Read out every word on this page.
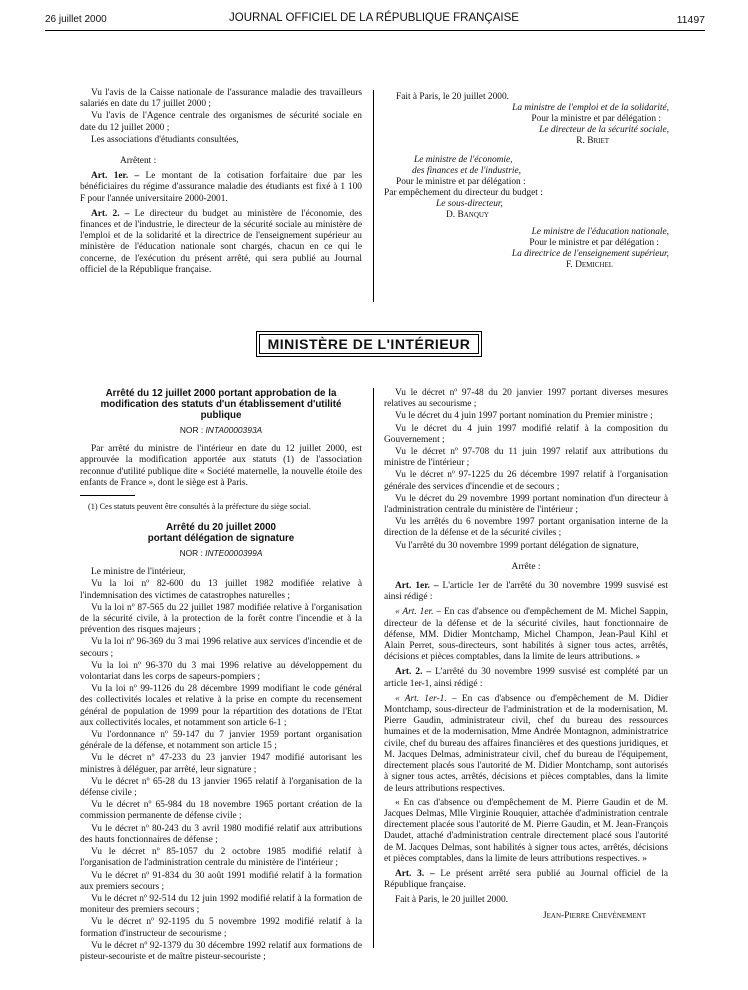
26 juillet 2000	JOURNAL OFFICIEL DE LA RÉPUBLIQUE FRANÇAISE	11497

Vu l'avis de la Caisse nationale de l'assurance maladie des travailleurs salariés en date du 17 juillet 2000 ;

Vu l'avis de l'Agence centrale des organismes de sécurité sociale en date du 12 juillet 2000 ;

Les associations d'étudiants consultées,

Arrêtent :

Art. 1er. – Le montant de la cotisation forfaitaire due par les bénéficiaires du régime d'assurance maladie des étudiants est fixé à 1 100 F pour l'année universitaire 2000-2001.

Art. 2. – Le directeur du budget au ministère de l'économie, des finances et de l'industrie, le directeur de la sécurité sociale au ministère de l'emploi et de la solidarité et la directrice de l'enseignement supérieur au ministère de l'éducation nationale sont chargés, chacun en ce qui le concerne, de l'exécution du présent arrêté, qui sera publié au Journal officiel de la République française.

Fait à Paris, le 20 juillet 2000.
La ministre de l'emploi et de la solidarité,
Pour la ministre et par délégation :
Le directeur de la sécurité sociale,
R. Briet
Le ministre de l'économie,
des finances et de l'industrie,
Pour le ministre et par délégation :
Par empêchement du directeur du budget :
Le sous-directeur,
D. Banquy
Le ministre de l'éducation nationale,
Pour le ministre et par délégation :
La directrice de l'enseignement supérieur,
F. Demichel
MINISTÈRE DE L'INTÉRIEUR
Arrêté du 12 juillet 2000 portant approbation de la modification des statuts d'un établissement d'utilité publique
NOR : INTA0000393A

Par arrêté du ministre de l'intérieur en date du 12 juillet 2000, est approuvée la modification apportée aux statuts (1) de l'association reconnue d'utilité publique dite « Société maternelle, la nouvelle étoile des enfants de France », dont le siège est à Paris.

(1) Ces statuts peuvent être consultés à la préfecture du siège social.
Arrêté du 20 juillet 2000
portant délégation de signature
NOR : INTE0000399A

Le ministre de l'intérieur,

Vu la loi nº 82-600 du 13 juillet 1982 modifiée relative à l'indemnisation des victimes de catastrophes naturelles ;

Vu la loi nº 87-565 du 22 juillet 1987 modifiée relative à l'organisation de la sécurité civile, à la protection de la forêt contre l'incendie et à la prévention des risques majeurs ;

Vu la loi nº 96-369 du 3 mai 1996 relative aux services d'incendie et de secours ;

Vu la loi nº 96-370 du 3 mai 1996 relative au développement du volontariat dans les corps de sapeurs-pompiers ;

Vu la loi nº 99-1126 du 28 décembre 1999 modifiant le code général des collectivités locales et relative à la prise en compte du recensement général de population de 1999 pour la répartition des dotations de l'Etat aux collectivités locales, et notamment son article 6-1 ;

Vu l'ordonnance nº 59-147 du 7 janvier 1959 portant organisation générale de la défense, et notamment son article 15 ;

Vu le décret nº 47-233 du 23 janvier 1947 modifié autorisant les ministres à déléguer, par arrêté, leur signature ;

Vu le décret nº 65-28 du 13 janvier 1965 relatif à l'organisation de la défense civile ;

Vu le décret nº 65-984 du 18 novembre 1965 portant création de la commission permanente de défense civile ;

Vu le décret nº 80-243 du 3 avril 1980 modifié relatif aux attributions des hauts fonctionnaires de défense ;

Vu le décret nº 85-1057 du 2 octobre 1985 modifié relatif à l'organisation de l'administration centrale du ministère de l'intérieur ;

Vu le décret nº 91-834 du 30 août 1991 modifié relatif à la formation aux premiers secours ;

Vu le décret nº 92-514 du 12 juin 1992 modifié relatif à la formation de moniteur des premiers secours ;

Vu le décret nº 92-1195 du 5 novembre 1992 modifié relatif à la formation d'instructeur de secourisme ;

Vu le décret nº 92-1379 du 30 décembre 1992 relatif aux formations de pisteur-secouriste et de maître pisteur-secouriste ;

Vu le décret nº 97-48 du 20 janvier 1997 portant diverses mesures relatives au secourisme ;

Vu le décret du 4 juin 1997 portant nomination du Premier ministre ;

Vu le décret du 4 juin 1997 modifié relatif à la composition du Gouvernement ;

Vu le décret nº 97-708 du 11 juin 1997 relatif aux attributions du ministre de l'intérieur ;

Vu le décret nº 97-1225 du 26 décembre 1997 relatif à l'organisation générale des services d'incendie et de secours ;

Vu le décret du 29 novembre 1999 portant nomination d'un directeur à l'administration centrale du ministère de l'intérieur ;

Vu les arrêtés du 6 novembre 1997 portant organisation interne de la direction de la défense et de la sécurité civiles ;

Vu l'arrêté du 30 novembre 1999 portant délégation de signature,

Arrête :

Art. 1er. – L'article 1er de l'arrêté du 30 novembre 1999 susvisé est ainsi rédigé :

« Art. 1er. – En cas d'absence ou d'empêchement de M. Michel Sappin, directeur de la défense et de la sécurité civiles, haut fonctionnaire de défense, MM. Didier Montchamp, Michel Champon, Jean-Paul Kihl et Alain Perret, sous-directeurs, sont habilités à signer tous actes, arrêtés, décisions et pièces comptables, dans la limite de leurs attributions. »

Art. 2. – L'arrêté du 30 novembre 1999 susvisé est complété par un article 1er-1, ainsi rédigé :

« Art. 1er-1. – En cas d'absence ou d'empêchement de M. Didier Montchamp, sous-directeur de l'administration et de la modernisation, M. Pierre Gaudin, administrateur civil, chef du bureau des ressources humaines et de la modernisation, Mme Andrée Montagnon, administratrice civile, chef du bureau des affaires financières et des questions juridiques, et M. Jacques Delmas, administrateur civil, chef du bureau de l'équipement, directement placés sous l'autorité de M. Didier Montchamp, sont autorisés à signer tous actes, arrêtés, décisions et pièces comptables, dans la limite de leurs attributions respectives.

« En cas d'absence ou d'empêchement de M. Pierre Gaudin et de M. Jacques Delmas, Mlle Virginie Rouquier, attachée d'administration centrale directement placée sous l'autorité de M. Pierre Gaudin, et M. Jean-François Daudet, attaché d'administration centrale directement placé sous l'autorité de M. Jacques Delmas, sont habilités à signer tous actes, arrêtés, décisions et pièces comptables, dans la limite de leurs attributions respectives. »

Art. 3. – Le présent arrêté sera publié au Journal officiel de la République française.

Fait à Paris, le 20 juillet 2000.

Jean-Pierre Chevènement
